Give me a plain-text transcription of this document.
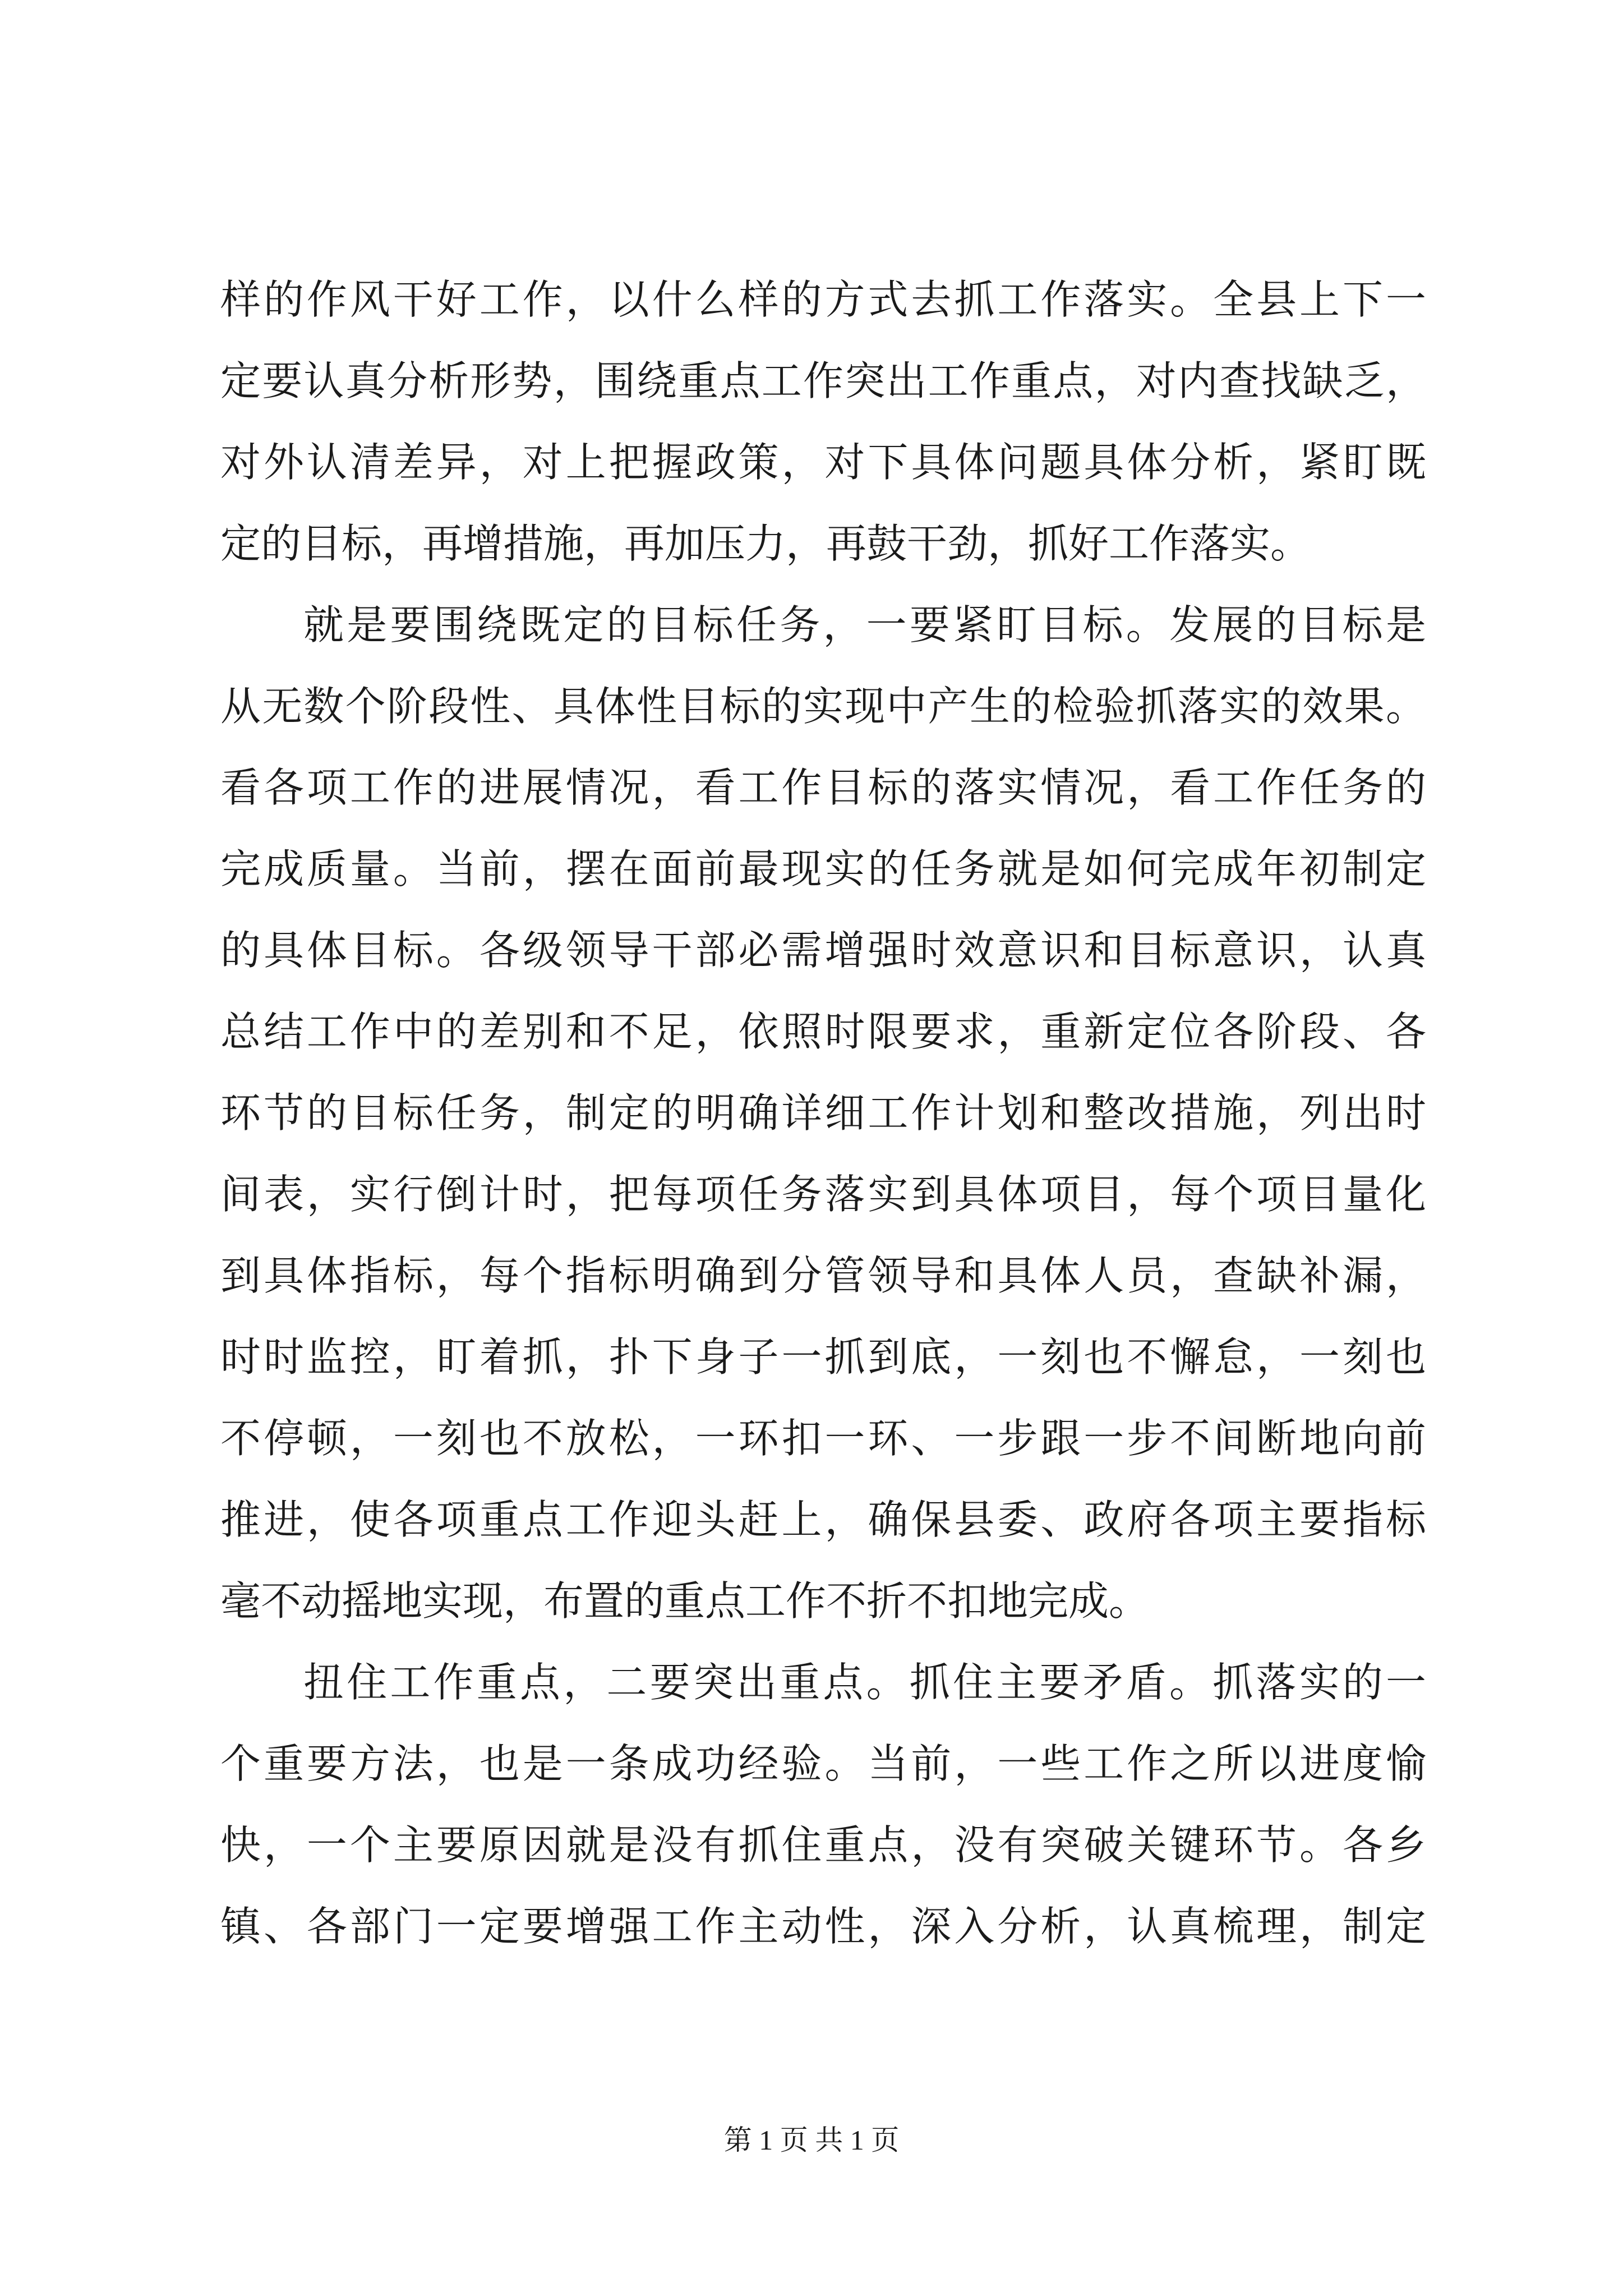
样的作风干好工作，以什么样的方式去抓工作落实。全县上下一
定要认真分析形势，围绕重点工作突出工作重点，对内查找缺乏，
对外认清差异，对上把握政策，对下具体问题具体分析，紧盯既
定的目标，再增措施，再加压力，再鼓干劲，抓好工作落实。
就是要围绕既定的目标任务，一要紧盯目标。发展的目标是
从无数个阶段性、具体性目标的实现中产生的检验抓落实的效果。
看各项工作的进展情况，看工作目标的落实情况，看工作任务的
完成质量。当前，摆在面前最现实的任务就是如何完成年初制定
的具体目标。各级领导干部必需增强时效意识和目标意识，认真
总结工作中的差别和不足，依照时限要求，重新定位各阶段、各
环节的目标任务，制定的明确详细工作计划和整改措施，列出时
间表，实行倒计时，把每项任务落实到具体项目，每个项目量化
到具体指标，每个指标明确到分管领导和具体人员，查缺补漏，
时时监控，盯着抓，扑下身子一抓到底，一刻也不懈怠，一刻也
不停顿，一刻也不放松，一环扣一环、一步跟一步不间断地向前
推进，使各项重点工作迎头赶上，确保县委、政府各项主要指标
毫不动摇地实现，布置的重点工作不折不扣地完成。
扭住工作重点，二要突出重点。抓住主要矛盾。抓落实的一
个重要方法，也是一条成功经验。当前，一些工作之所以进度愉
快，一个主要原因就是没有抓住重点，没有突破关键环节。各乡
镇、各部门一定要增强工作主动性，深入分析，认真梳理，制定
第 1 页 共 1 页
